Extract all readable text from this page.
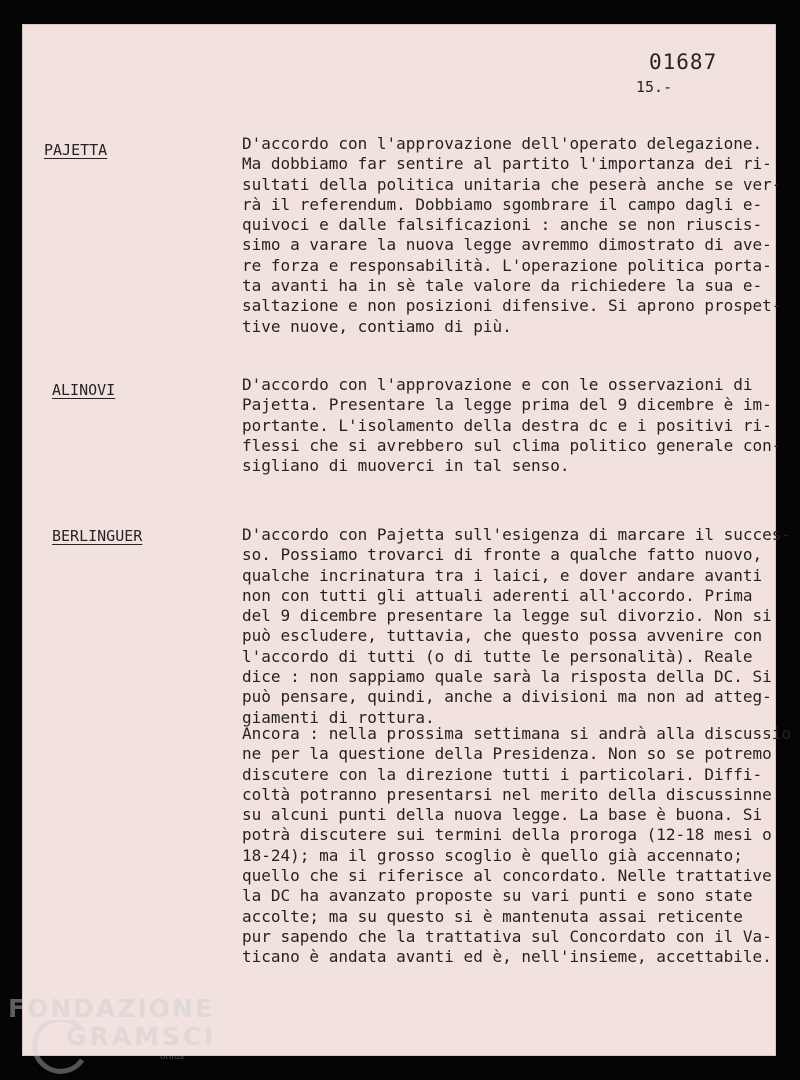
01687
15.-
PAJETTA	D'accordo con l'approvazione dell'operato delegazione.
Ma dobbiamo far sentire al partito l'importanza dei ri-
sultati della politica unitaria che peserà anche se ver-
rà il referendum. Dobbiamo sgombrare il campo dagli e-
quivoci e dalle falsificazioni : anche se non riuscis-
simo a varare la nuova legge avremmo dimostrato di ave-
re forza e responsabilità. L'operazione politica porta-
ta avanti ha in sè tale valore da richiedere la sua e-
saltazione e non posizioni difensive. Si aprono prospet-
tive nuove, contiamo di più.
ALINOVI	D'accordo con l'approvazione e con le osservazioni di
Pajetta. Presentare la legge prima del 9 dicembre è im-
portante. L'isolamento della destra dc e i positivi ri-
flessi che si avrebbero sul clima politico generale con-
sigliano di muoverci in tal senso.
BERLINGUER	D'accordo con Pajetta sull'esigenza di marcare il succes-
so. Possiamo trovarci di fronte a qualche fatto nuovo,
qualche incrinatura tra i laici, e dover andare avanti
non con tutti gli attuali aderenti all'accordo. Prima
del 9 dicembre presentare la legge sul divorzio. Non si
può escludere, tuttavia, che questo possa avvenire con
l'accordo di tutti (o di tutte le personalità). Reale
dice : non sappiamo quale sarà la risposta della DC. Si
può pensare, quindi, anche a divisioni ma non ad atteg-
giamenti di rottura.
Ancora : nella prossima settimana si andrà alla discussio
ne per la questione della Presidenza. Non so se potremo
discutere con la direzione tutti i particolari. Diffi-
coltà potranno presentarsi nel merito della discussinne
su alcuni punti della nuova legge. La base è buona. Si
potrà discutere sui termini della proroga (12-18 mesi o
18-24); ma il grosso scoglio è quello già accennato;
quello che si riferisce al concordato. Nelle trattative
la DC ha avanzato proposte su vari punti e sono state
accolte; ma su questo si è mantenuta assai reticente
pur sapendo che la trattativa sul Concordato con il Va-
ticano è andata avanti ed è, nell'insieme, accettabile.
FONDAZIONE
GRAMSCI
onlus
